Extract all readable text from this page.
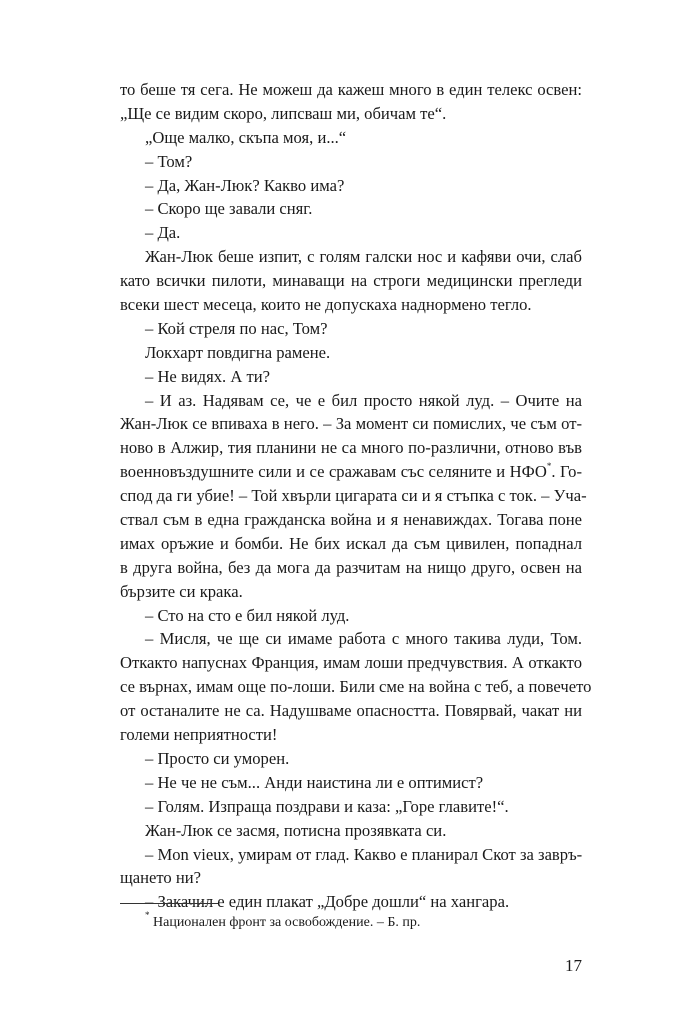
то беше тя сега. Не можеш да кажеш много в един телекс освен:
„Ще се видим скоро, липсваш ми, обичам те“.
„Още малко, скъпа моя, и...“
– Том?
– Да, Жан-Люк? Какво има?
– Скоро ще завали сняг.
– Да.
Жан-Люк беше изпит, с голям галски нос и кафяви очи, слаб
като всички пилоти, минаващи на строги медицински прегледи
всеки шест месеца, които не допускаха наднормено тегло.
– Кой стреля по нас, Том?
Локхарт повдигна рамене.
– Не видях. А ти?
– И аз. Надявам се, че е бил просто някой луд. – Очите на
Жан-Люк се впиваха в него. – За момент си помислих, че съм от-
ново в Алжир, тия планини не са много по-различни, отново във
военновъздушните сили и се сражавам със селяните и НФО*. Го-
спод да ги убие! – Той хвърли цигарата си и я стъпка с ток. – Уча-
ствал съм в една гражданска война и я ненавиждах. Тогава поне
имах оръжие и бомби. Не бих искал да съм цивилен, попаднал
в друга война, без да мога да разчитам на нищо друго, освен на
бързите си крака.
– Сто на сто е бил някой луд.
– Мисля, че ще си имаме работа с много такива луди, Том.
Откакто напуснах Франция, имам лоши предчувствия. А откакто
се върнах, имам още по-лоши. Били сме на война с теб, а повечето
от останалите не са. Надушваме опасността. Повярвай, чакат ни
големи неприятности!
– Просто си уморен.
– Не че не съм... Анди наистина ли е оптимист?
– Голям. Изпраща поздрави и каза: „Горе главите!“.
Жан-Люк се засмя, потисна прозявката си.
– Mon vieux, умирам от глад. Какво е планирал Скот за завръ-
щането ни?
– Закачил е един плакат „Добре дошли“ на хангара.
* Национален фронт за освобождение. – Б. пр.
17
